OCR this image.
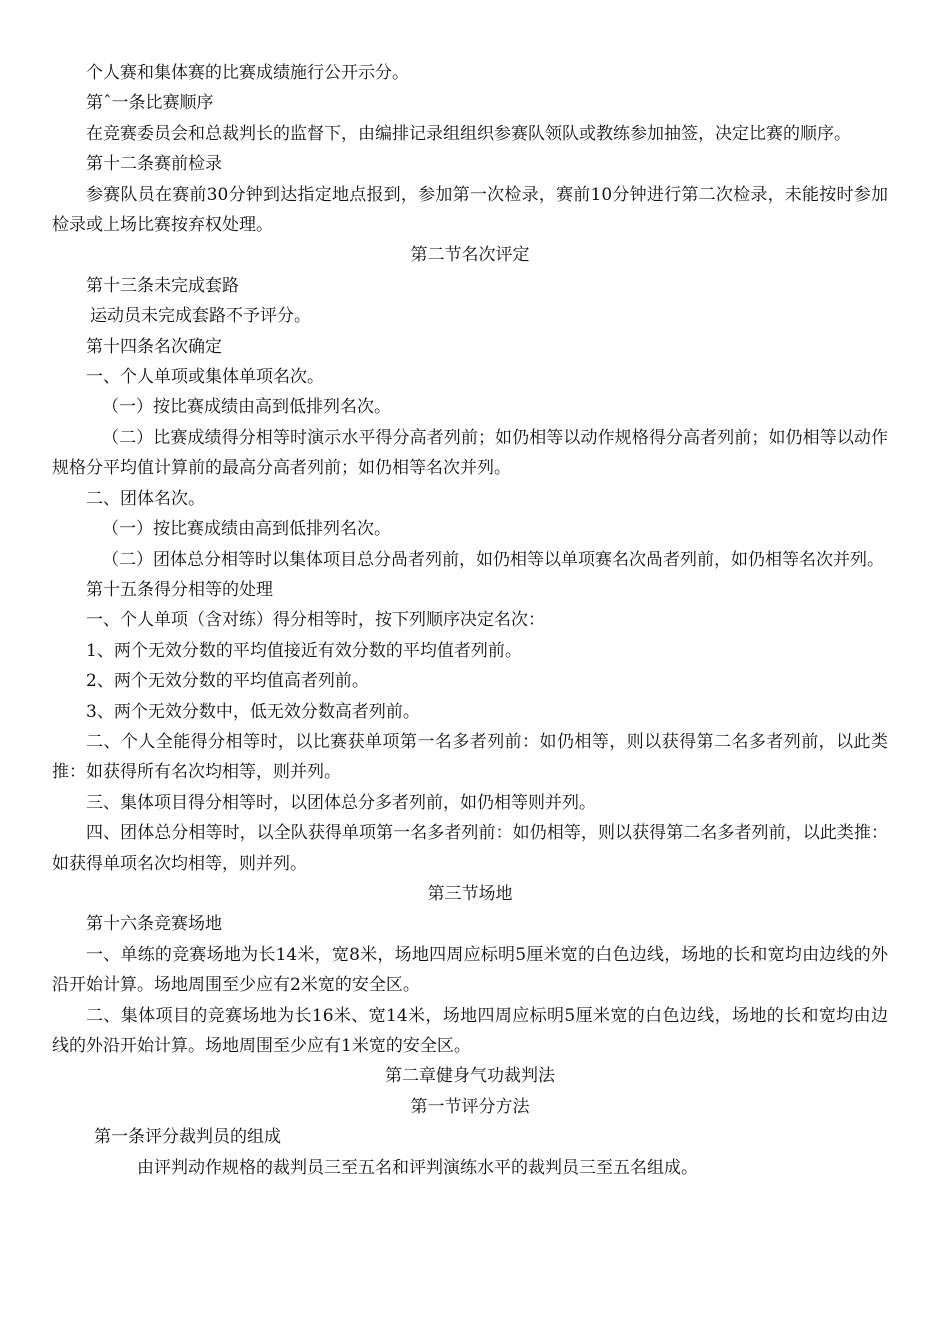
个人赛和集体赛的比赛成绩施行公开示分。

第ˆ一条比赛顺序

在竞赛委员会和总裁判长的监督下，由编排记录组组织参赛队领队或教练参加抽签，决定比赛的顺序。

第十二条赛前检录

参赛队员在赛前30分钟到达指定地点报到，参加第一次检录，赛前10分钟进行第二次检录，未能按时参加检录或上场比赛按弃权处理。

第二节名次评定

第十三条未完成套路

运动员未完成套路不予评分。

第十四条名次确定

一、个人单项或集体单项名次。

（一）按比赛成绩由高到低排列名次。

（二）比赛成绩得分相等时演示水平得分高者列前；如仍相等以动作规格得分高者列前；如仍相等以动作规格分平均值计算前的最高分高者列前；如仍相等名次并列。

二、团体名次。

（一）按比赛成绩由高到低排列名次。

（二）团体总分相等时以集体项目总分咼者列前，如仍相等以单项赛名次咼者列前，如仍相等名次并列。

第十五条得分相等的处理

一、个人单项（含对练）得分相等时，按下列顺序决定名次：

1、两个无效分数的平均值接近有效分数的平均值者列前。

2、两个无效分数的平均值高者列前。

3、两个无效分数中，低无效分数高者列前。

二、个人全能得分相等时，以比赛获单项第一名多者列前：如仍相等，则以获得第二名多者列前，以此类推：如获得所有名次均相等，则并列。

三、集体项目得分相等时，以团体总分多者列前，如仍相等则并列。

四、团体总分相等时，以全队获得单项第一名多者列前：如仍相等，则以获得第二名多者列前，以此类推：如获得单项名次均相等，则并列。

第三节场地

第十六条竞赛场地

一、单练的竞赛场地为长14米，宽8米，场地四周应标明5厘米宽的白色边线，场地的长和宽均由边线的外沿开始计算。场地周围至少应有2米宽的安全区。

二、集体项目的竞赛场地为长16米、宽14米，场地四周应标明5厘米宽的白色边线，场地的长和宽均由边线的外沿开始计算。场地周围至少应有1米宽的安全区。

第二章健身气功裁判法

第一节评分方法

第一条评分裁判员的组成

由评判动作规格的裁判员三至五名和评判演练水平的裁判员三至五名组成。
